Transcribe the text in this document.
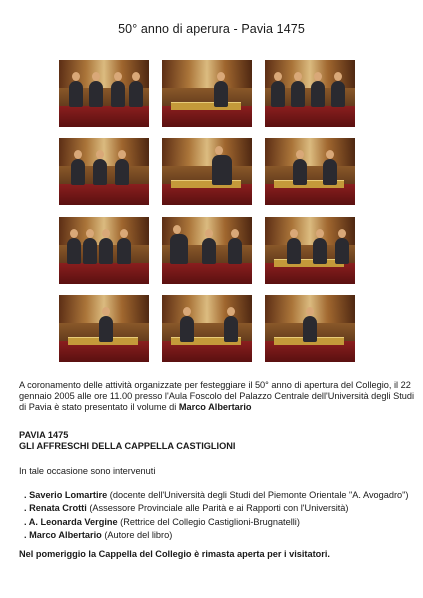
50° anno di aperura - Pavia 1475
A coronamento delle attività organizzate per festeggiare il 50° anno di apertura del Collegio, il 22 gennaio 2005 alle ore 11.00 presso l'Aula Foscolo del Palazzo Centrale dell'Università degli Studi di Pavia è stato presentato il volume di Marco Albertario
PAVIA 1475
GLI AFFRESCHI DELLA CAPPELLA CASTIGLIONI
In tale occasione sono intervenuti
. Saverio Lomartire (docente dell'Università degli Studi del Piemonte Orientale "A. Avogadro")
. Renata Crotti (Assessore Provinciale alle Parità e ai Rapporti con l'Università)
. A. Leonarda Vergine (Rettrice del Collegio Castiglioni-Brugnatelli)
. Marco Albertario (Autore del libro)
Nel pomeriggio la Cappella del Collegio è rimasta aperta per i visitatori.
